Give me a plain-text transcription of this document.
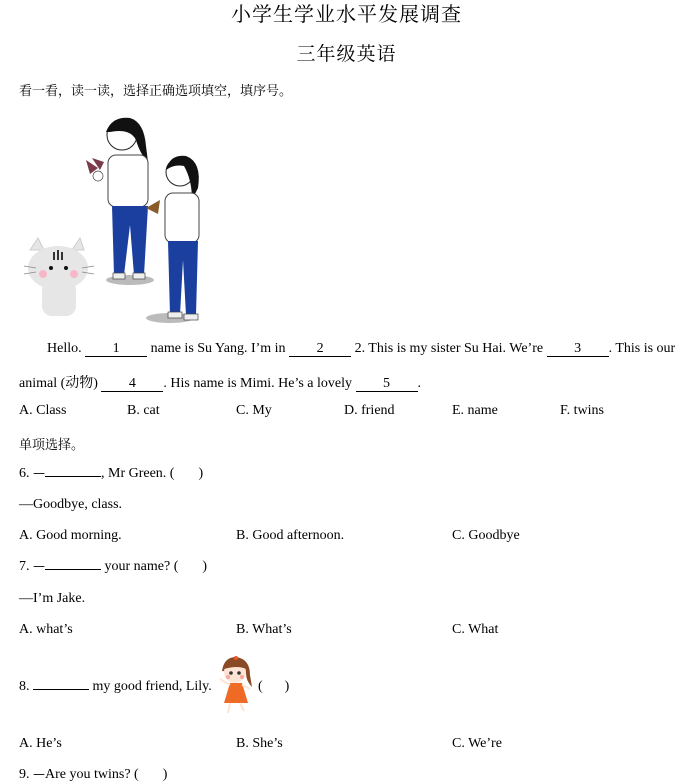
小学生学业水平发展调查
三年级英语
看一看，读一读，选择正确选项填空，填序号。
Hello. 1 name is Su Yang. I’m in 2 2. This is my sister Su Hai. We’re 3 . This is our
animal (动物) 4 . His name is Mimi. He’s a lovely 5 .
A. Class	B. cat	C. My	D. friend	E. name	F. twins
单项选择。
6. —	, Mr Green. ( )
—Goodbye, class.
A. Good morning.	B. Good afternoon.	C. Goodbye
7. —	your name? ( )
—I’m Jake.
A. what’s	B. What’s	C. What
8.	my good friend, Lily.	( )
A. He’s	B. She’s	C. We’re
9. —Are you twins? ( )
